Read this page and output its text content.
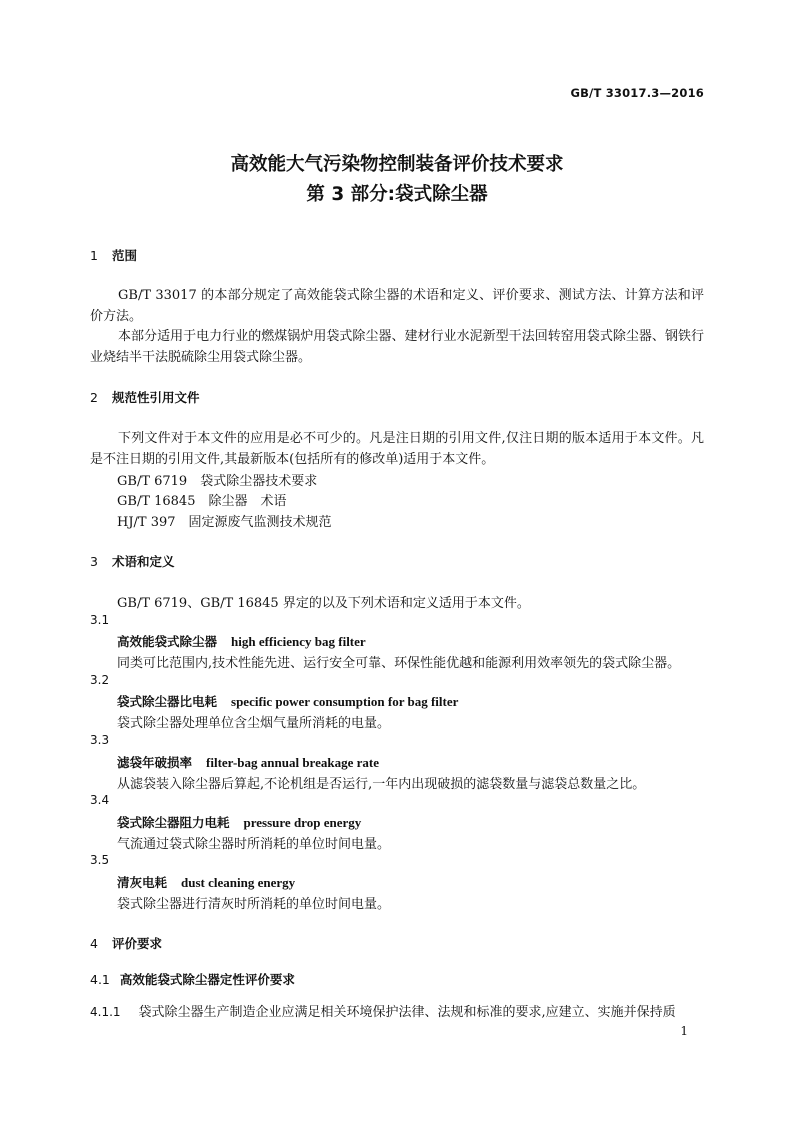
GB/T 33017.3—2016
高效能大气污染物控制装备评价技术要求
第 3 部分:袋式除尘器
1 范围
GB/T 33017 的本部分规定了高效能袋式除尘器的术语和定义、评价要求、测试方法、计算方法和评价方法。
本部分适用于电力行业的燃煤锅炉用袋式除尘器、建材行业水泥新型干法回转窑用袋式除尘器、钢铁行业烧结半干法脱硫除尘用袋式除尘器。
2 规范性引用文件
下列文件对于本文件的应用是必不可少的。凡是注日期的引用文件,仅注日期的版本适用于本文件。凡是不注日期的引用文件,其最新版本(包括所有的修改单)适用于本文件。
GB/T 6719　袋式除尘器技术要求
GB/T 16845　除尘器　术语
HJ/T 397　固定源废气监测技术规范
3 术语和定义
GB/T 6719、GB/T 16845 界定的以及下列术语和定义适用于本文件。
3.1
高效能袋式除尘器 high efficiency bag filter
同类可比范围内,技术性能先进、运行安全可靠、环保性能优越和能源利用效率领先的袋式除尘器。
3.2
袋式除尘器比电耗 specific power consumption for bag filter
袋式除尘器处理单位含尘烟气量所消耗的电量。
3.3
滤袋年破损率 filter-bag annual breakage rate
从滤袋装入除尘器后算起,不论机组是否运行,一年内出现破损的滤袋数量与滤袋总数量之比。
3.4
袋式除尘器阻力电耗 pressure drop energy
气流通过袋式除尘器时所消耗的单位时间电量。
3.5
清灰电耗 dust cleaning energy
袋式除尘器进行清灰时所消耗的单位时间电量。
4 评价要求
4.1 高效能袋式除尘器定性评价要求
4.1.1 袋式除尘器生产制造企业应满足相关环境保护法律、法规和标准的要求,应建立、实施并保持质
1
